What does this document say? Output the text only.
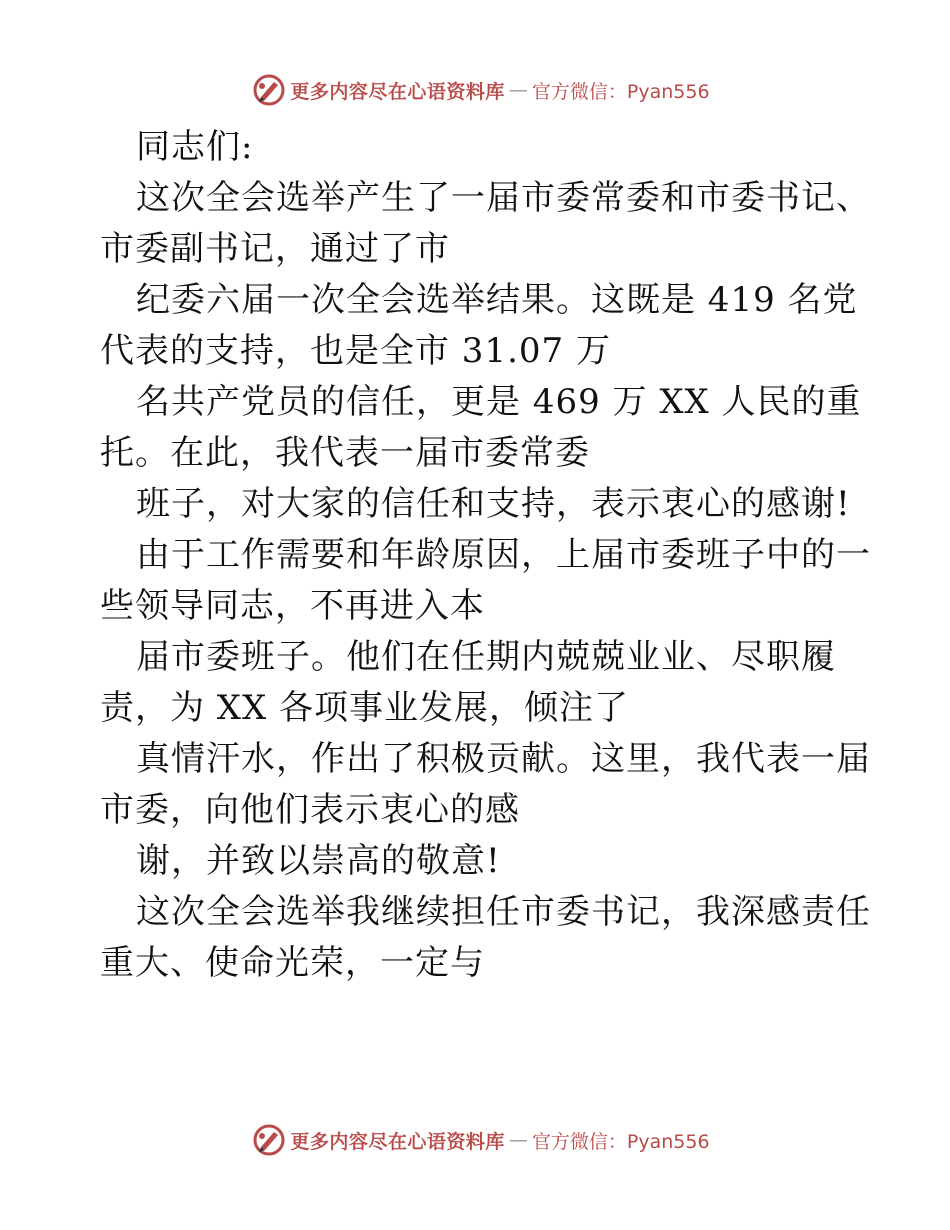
更多内容尽在心语资料库 — 官方微信：Pyan556
同志们:
这次全会选举产生了一届市委常委和市委书记、
市委副书记，通过了市
纪委六届一次全会选举结果。这既是 419 名党
代表的支持，也是全市 31.07 万
名共产党员的信任，更是 469 万 XX 人民的重
托。在此，我代表一届市委常委
班子，对大家的信任和支持，表示衷心的感谢!
由于工作需要和年龄原因，上届市委班子中的一
些领导同志，不再进入本
届市委班子。他们在任期内兢兢业业、尽职履
责，为 XX 各项事业发展，倾注了
真情汗水，作出了积极贡献。这里，我代表一届
市委，向他们表示衷心的感
谢，并致以崇高的敬意!
这次全会选举我继续担任市委书记，我深感责任
重大、使命光荣，一定与
更多内容尽在心语资料库 — 官方微信：Pyan556
